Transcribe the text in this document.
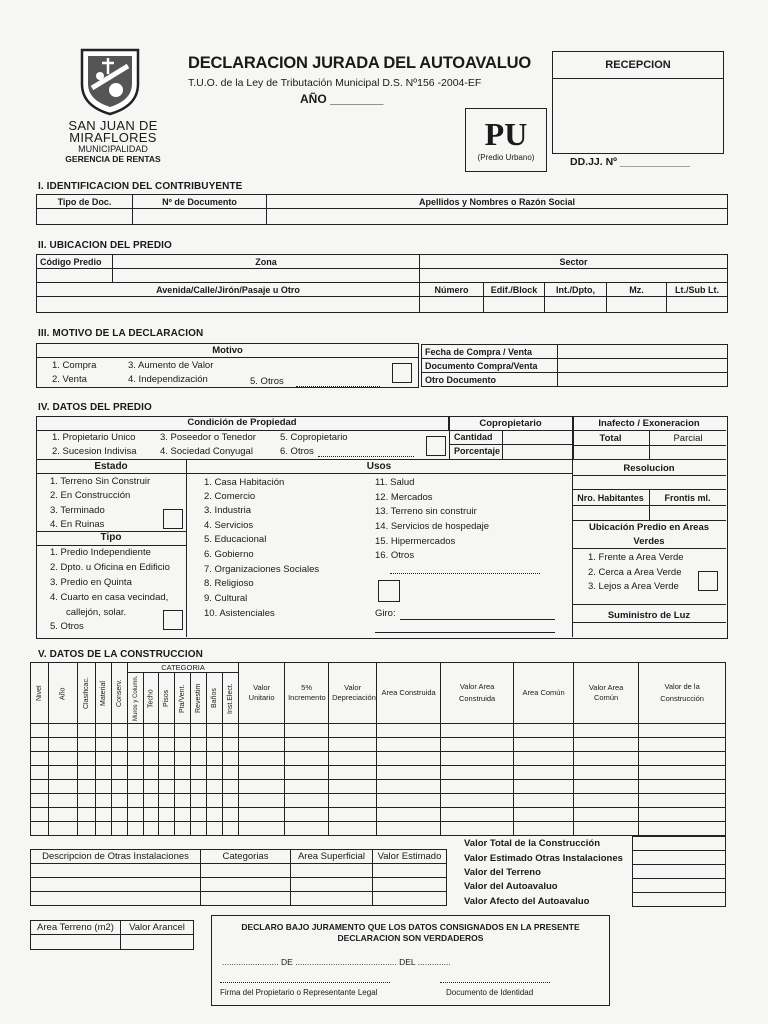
SAN JUAN DE
MIRAFLORES
MUNICIPALIDAD
GERENCIA DE RENTAS
DECLARACION JURADA DEL AUTOAVALUO
T.U.O. de la Ley de Tributación Municipal D.S. Nº156 -2004-EF
AÑO ________
PU
(Predio Urbano)
RECEPCION
DD.JJ. Nº ____________
I. IDENTIFICACION DEL CONTRIBUYENTE
Tipo de Doc.	Nº de Documento	Apellidos y Nombres o Razón Social

II. UBICACION DEL PREDIO
Código Predio	Zona	Sector				

Avenida/Calle/Jirón/Pasaje u Otro		Número	Edif./Block	Int./Dpto,	Mz.	Lt./Sub Lt.

III. MOTIVO DE LA DECLARACION
Motivo
1. Compra
2. Venta
3. Aumento de Valor
4. Independización	5. Otros
Fecha de Compra / Venta	
Documento Compra/Venta	
Otro Documento	
IV. DATOS DEL PREDIO
Condición de Propiedad
1. Propietario Unico
2. Sucesion Indivisa
3. Poseedor o Tenedor
4. Sociedad Conyugal
5. Copropietario
6. Otros
Copropietario
Cantidad
Porcentaje
Inafecto / Exoneracion
Total	Parcial
Estado
1. Terreno Sin Construir
2. En Construcción
3. Terminado
4. En Ruinas
Tipo
1. Predio Independiente
2. Dpto. u Oficina en Edificio
3. Predio en Quinta
4. Cuarto en casa vecindad,
callejón, solar.
5. Otros
Usos
1. Casa Habitación
2. Comercio
3. Industria
4. Servicios
5. Educacional
6. Gobierno
7. Organizaciones Sociales
8. Religioso
9. Cultural
10. Asistenciales
11. Salud
12. Mercados
13. Terreno sin construir
14. Servicios de hospedaje
15. Hipermercados
16. Otros
Giro:
Resolucion
Nro. Habitantes	Frontis ml.
Ubicación Predio en Areas
Verdes
1. Frente a Area Verde
2. Cerca a Area Verde
3. Lejos a Area Verde
Suministro de Luz
V. DATOS DE LA CONSTRUCCION
Nivel	Año	Clasificac.	Material	Conserv.	CATEGORIA							Valor Unitario	5% Incremento	Valor Depreciación	Area Construida	Valor Area Construida	Area Común	Valor Area Común	Valor de la Construcción
					Muros y Column.	Techo	Pisos	Pta/Vent.	Revestim	Baños	Inst.Elect.								

Descripcion de Otras Instalaciones	Categorias	Area Superficial	Valor Estimado

Valor Total de la Construcción
Valor Estimado Otras Instalaciones
Valor del Terreno
Valor del Autoavaluo
Valor Afecto del Autoavaluo

Area Terreno (m2)	Valor Arancel
		DECLARO BAJO JURAMENTO QUE LOS DATOS CONSIGNADOS EN LA PRESENTE
DECLARACION SON VERDADEROS
........................ DE ........................................... DEL ..............
Firma del Propietario o Representante Legal	Documento de Identidad
